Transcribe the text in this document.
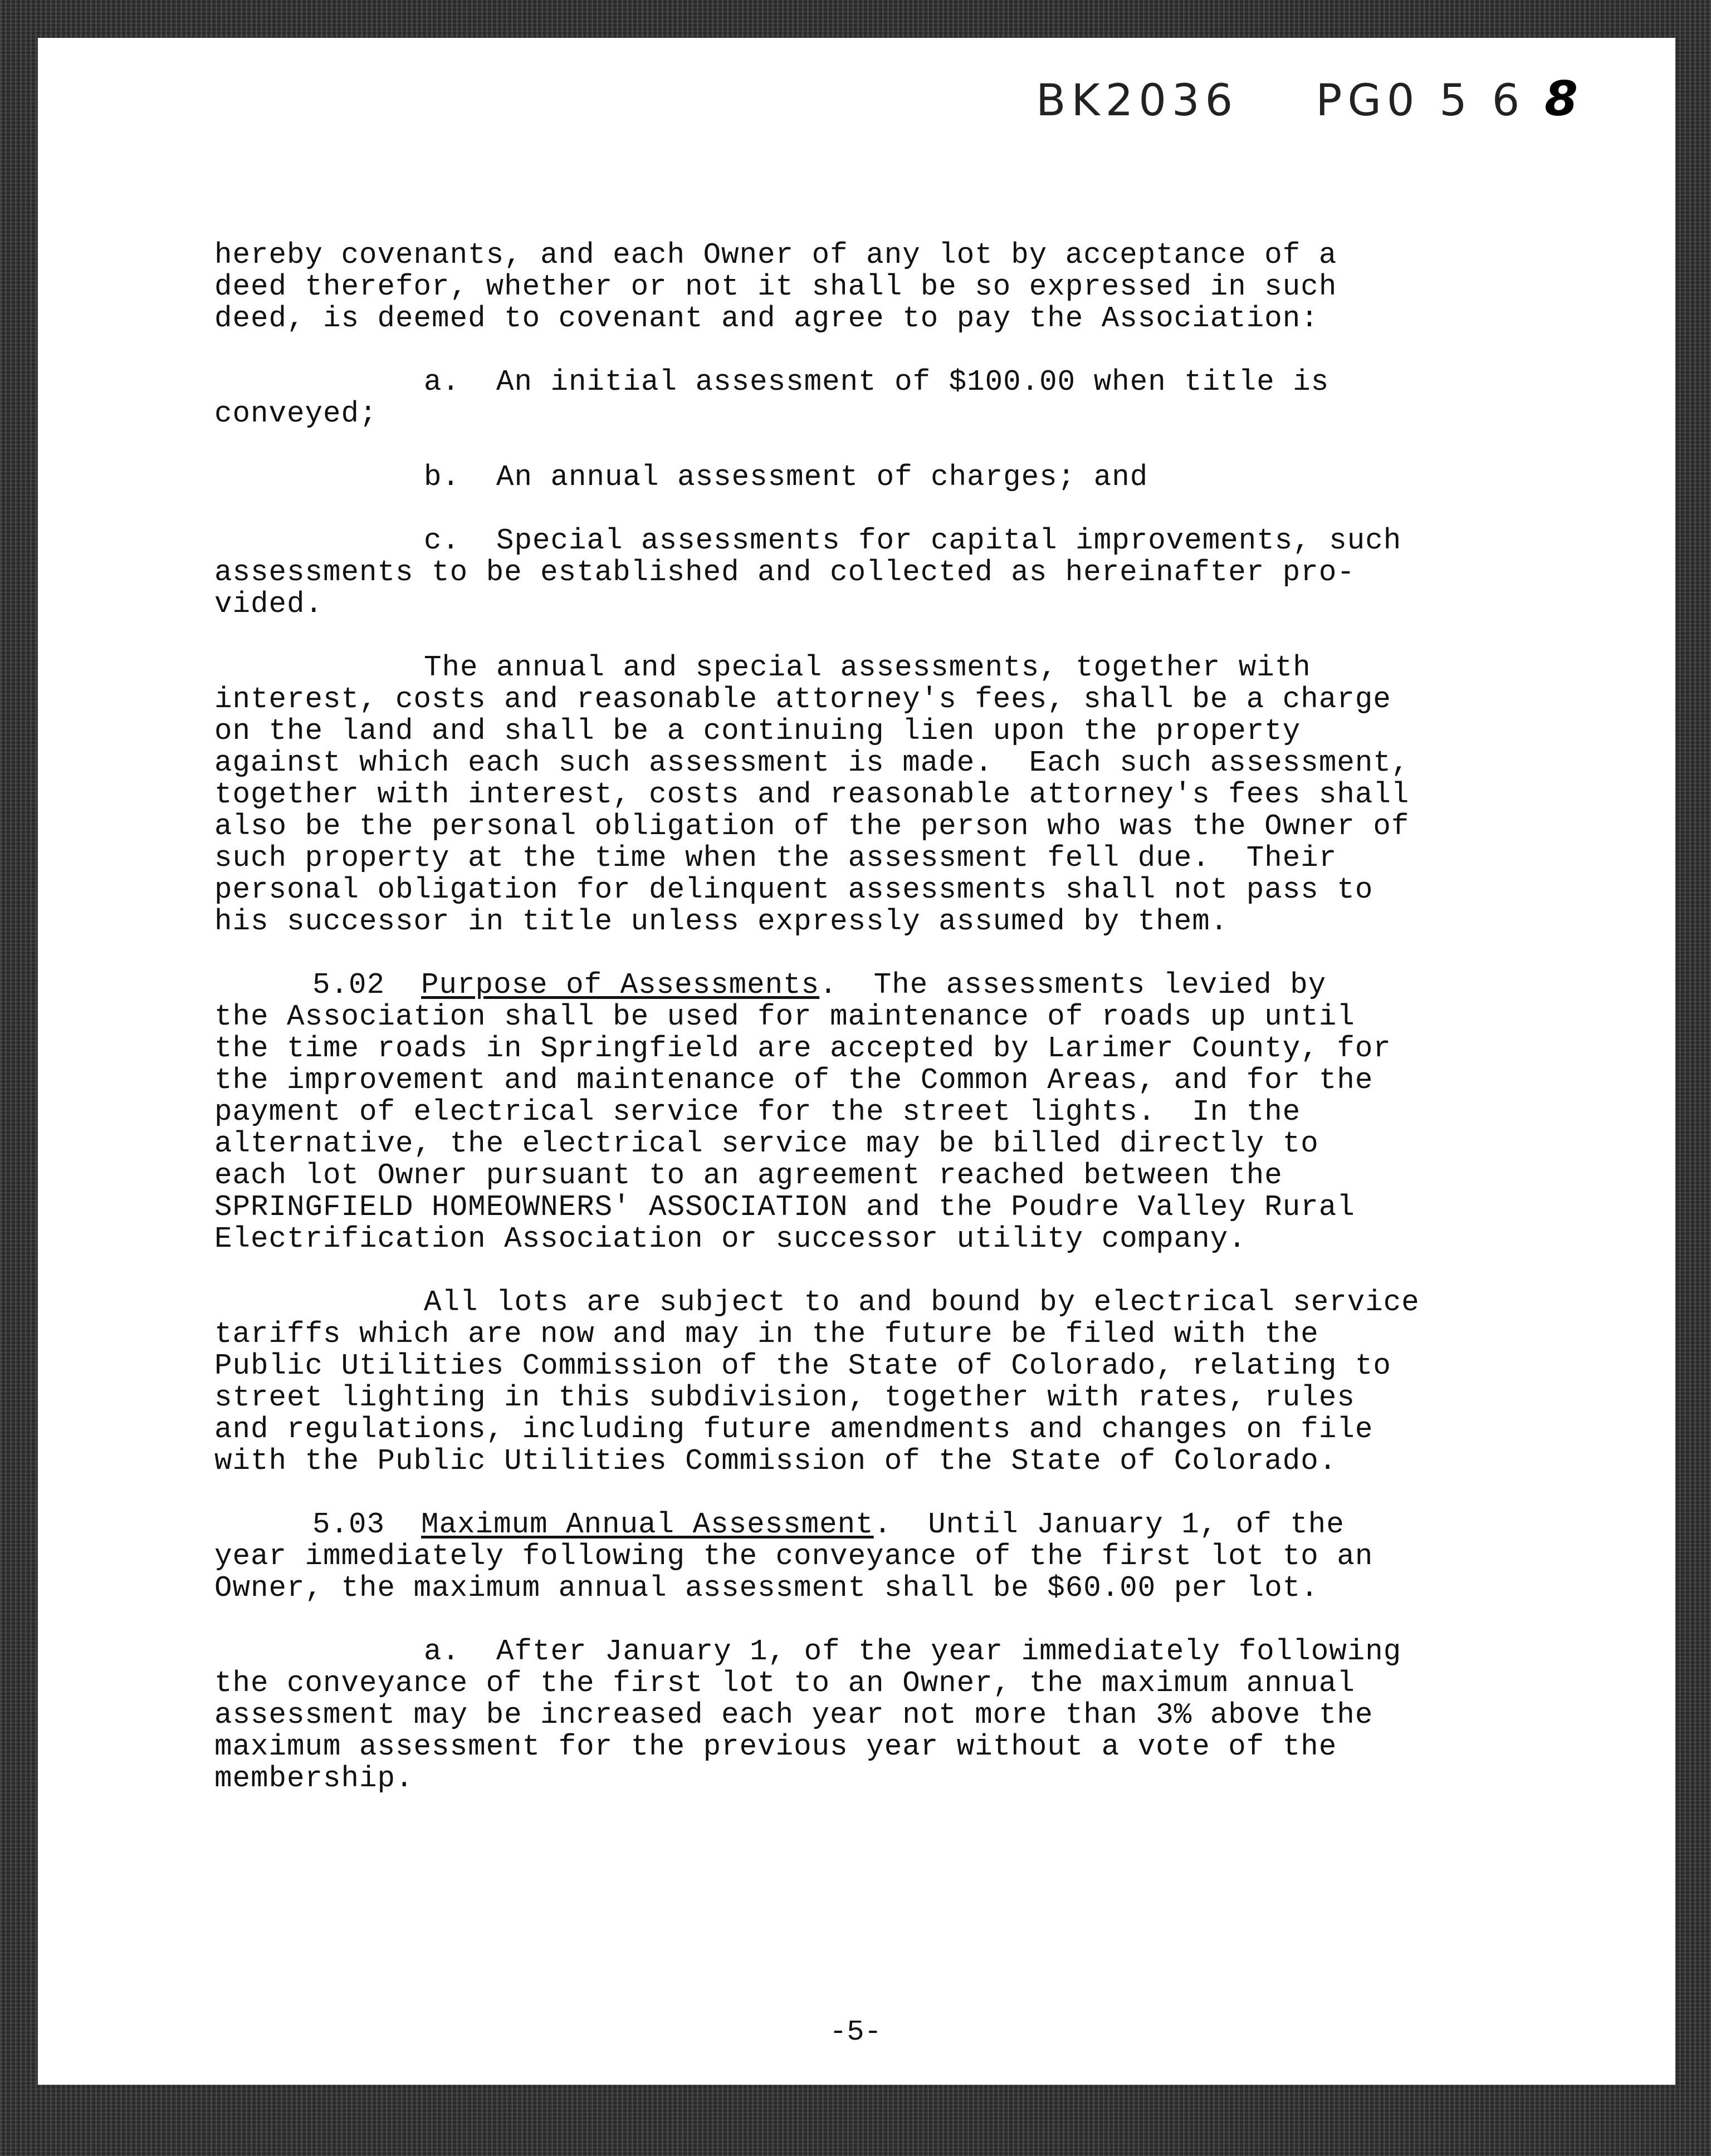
BK2036 PG0 5 6 8
hereby covenants, and each Owner of any lot by acceptance of a
deed therefor, whether or not it shall be so expressed in such
deed, is deemed to covenant and agree to pay the Association:
a.  An initial assessment of $100.00 when title is
conveyed;
b.  An annual assessment of charges; and
c.  Special assessments for capital improvements, such
assessments to be established and collected as hereinafter pro-
vided.
The annual and special assessments, together with
interest, costs and reasonable attorney's fees, shall be a charge
on the land and shall be a continuing lien upon the property
against which each such assessment is made.  Each such assessment,
together with interest, costs and reasonable attorney's fees shall
also be the personal obligation of the person who was the Owner of
such property at the time when the assessment fell due.  Their
personal obligation for delinquent assessments shall not pass to
his successor in title unless expressly assumed by them.
5.02 Purpose of Assessments.  The assessments levied by
the Association shall be used for maintenance of roads up until
the time roads in Springfield are accepted by Larimer County, for
the improvement and maintenance of the Common Areas, and for the
payment of electrical service for the street lights.  In the
alternative, the electrical service may be billed directly to
each lot Owner pursuant to an agreement reached between the
SPRINGFIELD HOMEOWNERS' ASSOCIATION and the Poudre Valley Rural
Electrification Association or successor utility company.
All lots are subject to and bound by electrical service
tariffs which are now and may in the future be filed with the
Public Utilities Commission of the State of Colorado, relating to
street lighting in this subdivision, together with rates, rules
and regulations, including future amendments and changes on file
with the Public Utilities Commission of the State of Colorado.
5.03 Maximum Annual Assessment.  Until January 1, of the
year immediately following the conveyance of the first lot to an
Owner, the maximum annual assessment shall be $60.00 per lot.
a.  After January 1, of the year immediately following
the conveyance of the first lot to an Owner, the maximum annual
assessment may be increased each year not more than 3% above the
maximum assessment for the previous year without a vote of the
membership.
-5-
